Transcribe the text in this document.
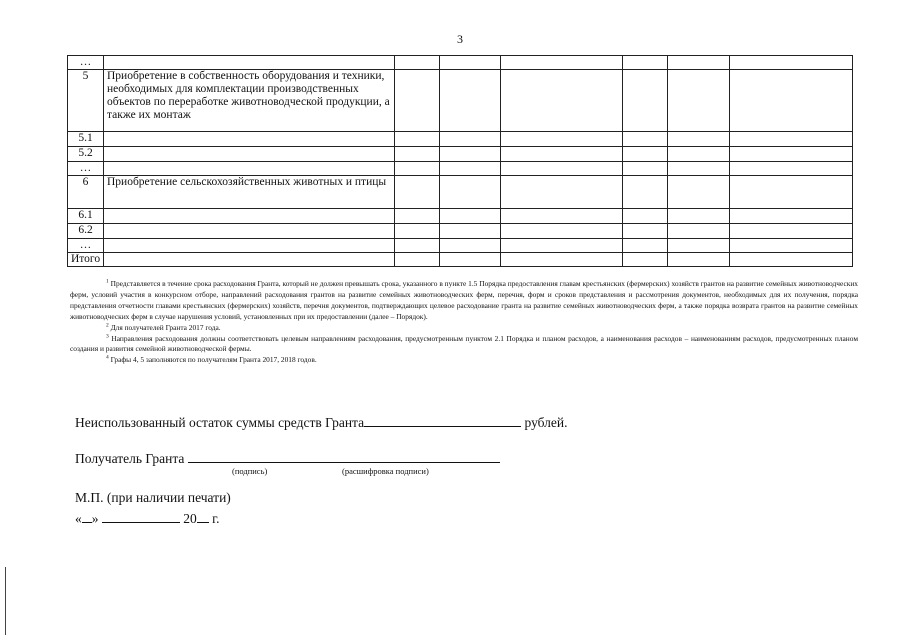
3
…							
5	Приобретение в собственность оборудования и техники, необходимых для комплектации производственных объектов по переработке животноводческой продукции, а также их монтаж						
5.1							
5.2							
…							
6	Приобретение сельскохозяйственных животных и птицы						
6.1							
6.2							
…							
Итого							

$^1$ Представляется в течение срока расходования Гранта, который не должен превышать срока, указанного в пункте 1.5 Порядка предоставления главам крестьянских (фермерских) хозяйств грантов на развитие семейных животноводческих ферм, условий участия в конкурсном отборе, направлений расходования грантов на развитие семейных животноводческих ферм, перечня, форм и сроков представления и рассмотрения документов, необходимых для их получения, порядка представления отчетности главами крестьянских (фермерских) хозяйств, перечня документов, подтверждающих целевое расходование гранта на развитие семейных животноводческих ферм, а также порядка возврата грантов на развитие семейных животноводческих ферм в случае нарушения условий, установленных при их предоставлении (далее – Порядок).

$^2$ Для получателей Гранта 2017 года.

$^3$ Направления расходования должны соответствовать целевым направлениям расходования, предусмотренным пунктом 2.1 Порядка и планом расходов, а наименования расходов – наименованиям расходов, предусмотренных планом создания и развития семейной животноводческой фермы.

$^4$ Графы 4, 5 заполняются по получателям Гранта 2017, 2018 годов.

Неиспользованный остаток суммы средств Гранта	рублей.
Получатель Гранта
(подпись)	(расшифровка подписи)
М.П. (при наличии печати)
« »	20 г.
